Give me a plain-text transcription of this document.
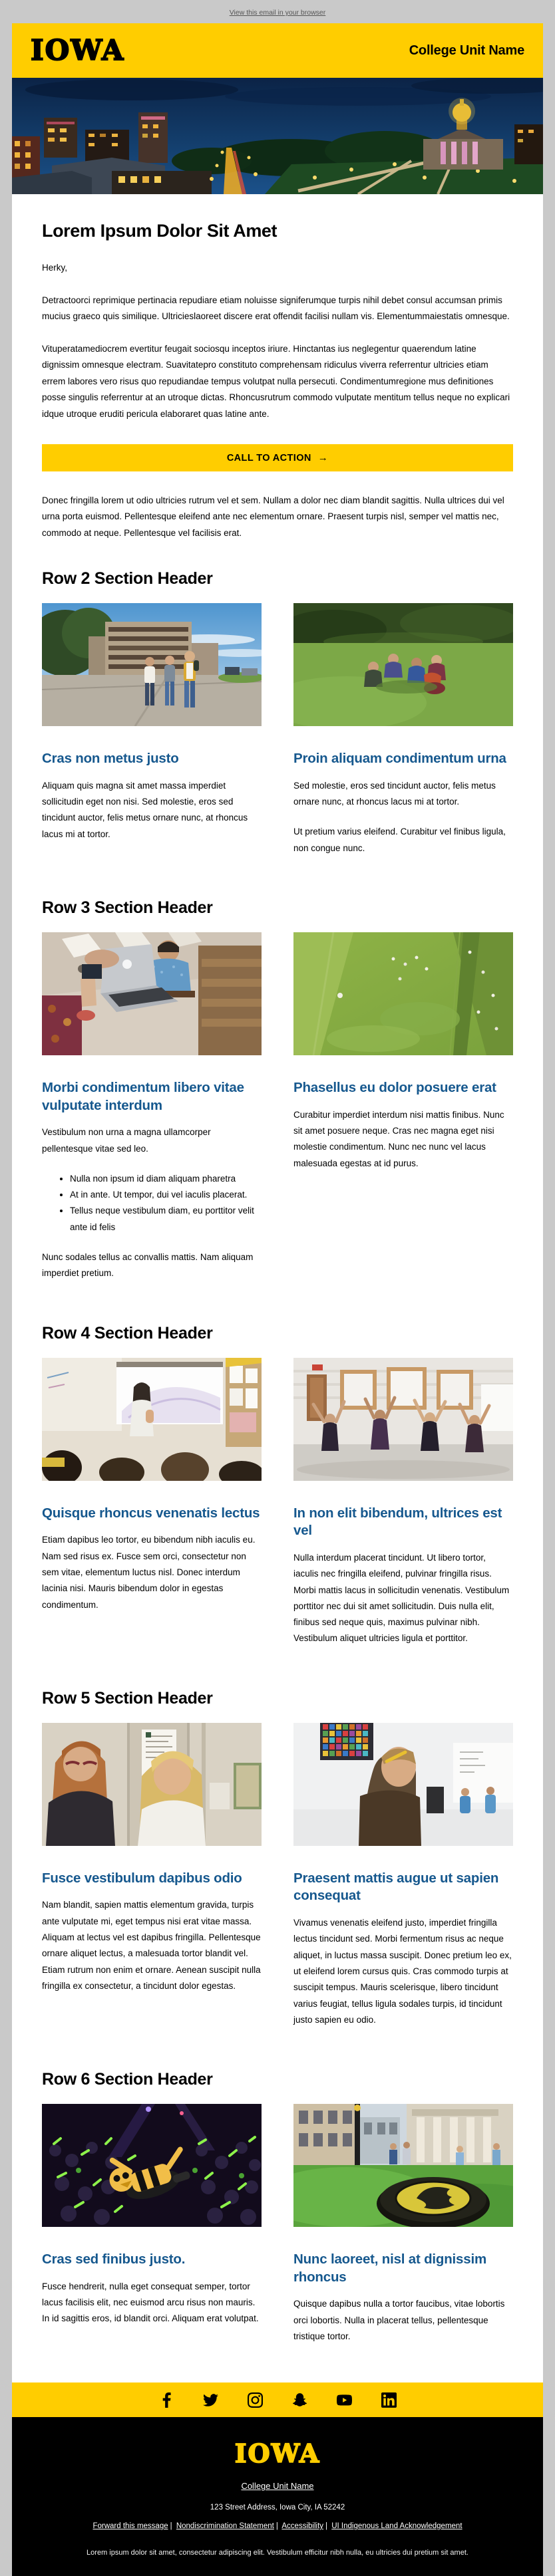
View this email in your browser
IOWA	College Unit Name
Lorem Ipsum Dolor Sit Amet

Herky,

Detractoorci reprimique pertinacia repudiare etiam noluisse signiferumque turpis nihil debet consul accumsan primis mucius graeco quis similique. Ultricieslaoreet discere erat offendit facilisi nullam vis. Elementummaiestatis omnesque.

Vituperatamediocrem evertitur feugait sociosqu inceptos iriure. Hinctantas ius neglegentur quaerendum latine dignissim omnesque electram. Suavitatepro constituto comprehensam ridiculus viverra referrentur ultricies etiam errem labores vero risus quo repudiandae tempus volutpat nulla persecuti. Condimentumregione mus definitiones posse singulis referrentur at an utroque dictas. Rhoncusrutrum commodo vulputate mentitum tellus neque no explicari idque utroque eruditi pericula elaboraret quas latine ante.

CALL TO ACTION →

Donec fringilla lorem ut odio ultricies rutrum vel et sem. Nullam a dolor nec diam blandit sagittis. Nulla ultrices dui vel urna porta euismod. Pellentesque eleifend ante nec elementum ornare. Praesent turpis nisl, semper vel mattis nec, commodo at neque. Pellentesque vel facilisis erat.

Row 2 Section Header
Cras non metus justo

Aliquam quis magna sit amet massa imperdiet sollicitudin eget non nisi. Sed molestie, eros sed tincidunt auctor, felis metus ornare nunc, at rhoncus lacus mi at tortor.

Proin aliquam condimentum urna

Sed molestie, eros sed tincidunt auctor, felis metus ornare nunc, at rhoncus lacus mi at tortor.

Ut pretium varius eleifend. Curabitur vel finibus ligula, non congue nunc.

Row 3 Section Header
Morbi condimentum libero vitae vulputate interdum

Vestibulum non urna a magna ullamcorper pellentesque vitae sed leo.

• Nulla non ipsum id diam aliquam pharetra
• At in ante. Ut tempor, dui vel iaculis placerat.
• Tellus neque vestibulum diam, eu porttitor velit ante id felis

Nunc sodales tellus ac convallis mattis. Nam aliquam imperdiet pretium.

Phasellus eu dolor posuere erat

Curabitur imperdiet interdum nisi mattis finibus. Nunc sit amet posuere neque. Cras nec magna eget nisi molestie condimentum. Nunc nec nunc vel lacus malesuada egestas at id purus.

Row 4 Section Header
Quisque rhoncus venenatis lectus

Etiam dapibus leo tortor, eu bibendum nibh iaculis eu. Nam sed risus ex. Fusce sem orci, consectetur non sem vitae, elementum luctus nisl. Donec interdum lacinia nisi. Mauris bibendum dolor in egestas condimentum.

In non elit bibendum, ultrices est vel

Nulla interdum placerat tincidunt. Ut libero tortor, iaculis nec fringilla eleifend, pulvinar fringilla risus. Morbi mattis lacus in sollicitudin venenatis. Vestibulum porttitor nec dui sit amet sollicitudin. Duis nulla elit, finibus sed neque quis, maximus pulvinar nibh. Vestibulum aliquet ultricies ligula et porttitor.

Row 5 Section Header
Fusce vestibulum dapibus odio

Nam blandit, sapien mattis elementum gravida, turpis ante vulputate mi, eget tempus nisi erat vitae massa. Aliquam at lectus vel est dapibus fringilla. Pellentesque ornare aliquet lectus, a malesuada tortor blandit vel. Etiam rutrum non enim et ornare. Aenean suscipit nulla fringilla ex consectetur, a tincidunt dolor egestas.

Praesent mattis augue ut sapien consequat

Vivamus venenatis eleifend justo, imperdiet fringilla lectus tincidunt sed. Morbi fermentum risus ac neque aliquet, in luctus massa suscipit. Donec pretium leo ex, ut eleifend lorem cursus quis. Cras commodo turpis at suscipit tempus. Mauris scelerisque, libero tincidunt varius feugiat, tellus ligula sodales turpis, id tincidunt justo sapien eu odio.

Row 6 Section Header
Cras sed finibus justo.

Fusce hendrerit, nulla eget consequat semper, tortor lacus facilisis elit, nec euismod arcu risus non mauris. In id sagittis eros, id blandit orci. Aliquam erat volutpat.

Nunc laoreet, nisl at dignissim rhoncus

Quisque dapibus nulla a tortor faucibus, vitae lobortis orci lobortis. Nulla in placerat tellus, pellentesque tristique tortor.

IOWA
College Unit Name
123 Street Address, Iowa City, IA 52242
Forward this message | Nondiscrimination Statement | Accessibility | UI Indigenous Land Acknowledgement

Lorem ipsum dolor sit amet, consectetur adipiscing elit. Vestibulum efficitur nibh nulla, eu ultricies dui pretium sit amet.
